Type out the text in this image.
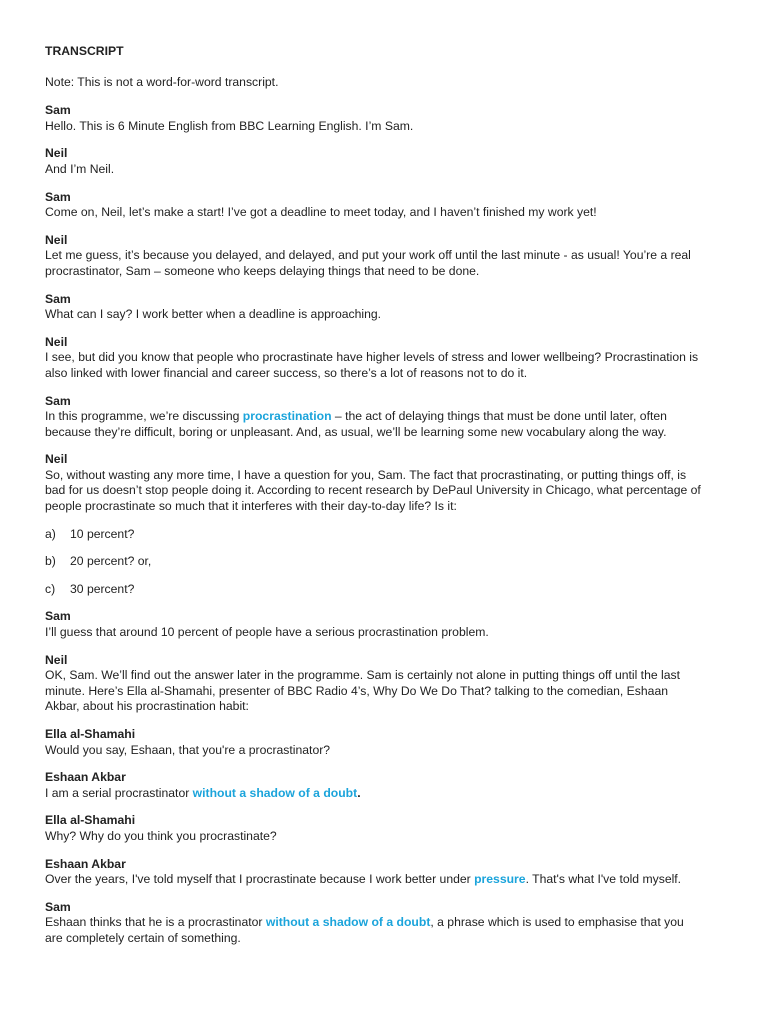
TRANSCRIPT
Note: This is not a word-for-word transcript.
Sam
Hello. This is 6 Minute English from BBC Learning English. I’m Sam.
Neil
And I’m Neil.
Sam
Come on, Neil, let’s make a start! I’ve got a deadline to meet today, and I haven’t finished my work yet!
Neil
Let me guess, it’s because you delayed, and delayed, and put your work off until the last minute - as usual! You’re a real
procrastinator, Sam – someone who keeps delaying things that need to be done.
Sam
What can I say? I work better when a deadline is approaching.
Neil
I see, but did you know that people who procrastinate have higher levels of stress and lower wellbeing? Procrastination is
also linked with lower financial and career success, so there’s a lot of reasons not to do it.
Sam
In this programme, we’re discussing procrastination – the act of delaying things that must be done until later, often
because they’re difficult, boring or unpleasant. And, as usual, we’ll be learning some new vocabulary along the way.
Neil
So, without wasting any more time, I have a question for you, Sam. The fact that procrastinating, or putting things off, is
bad for us doesn’t stop people doing it. According to recent research by DePaul University in Chicago, what percentage of
people procrastinate so much that it interferes with their day-to-day life? Is it:
a)	10 percent?
b)	20 percent? or,
c)	30 percent?
Sam
I’ll guess that around 10 percent of people have a serious procrastination problem.
Neil
OK, Sam. We’ll find out the answer later in the programme. Sam is certainly not alone in putting things off until the last
minute. Here’s Ella al-Shamahi, presenter of BBC Radio 4’s, Why Do We Do That? talking to the comedian, Eshaan
Akbar, about his procrastination habit:
Ella al-Shamahi
Would you say, Eshaan, that you're a procrastinator?
Eshaan Akbar
I am a serial procrastinator without a shadow of a doubt.
Ella al-Shamahi
Why? Why do you think you procrastinate?
Eshaan Akbar
Over the years, I've told myself that I procrastinate because I work better under pressure. That's what I've told myself.
Sam
Eshaan thinks that he is a procrastinator without a shadow of a doubt, a phrase which is used to emphasise that you
are completely certain of something.
